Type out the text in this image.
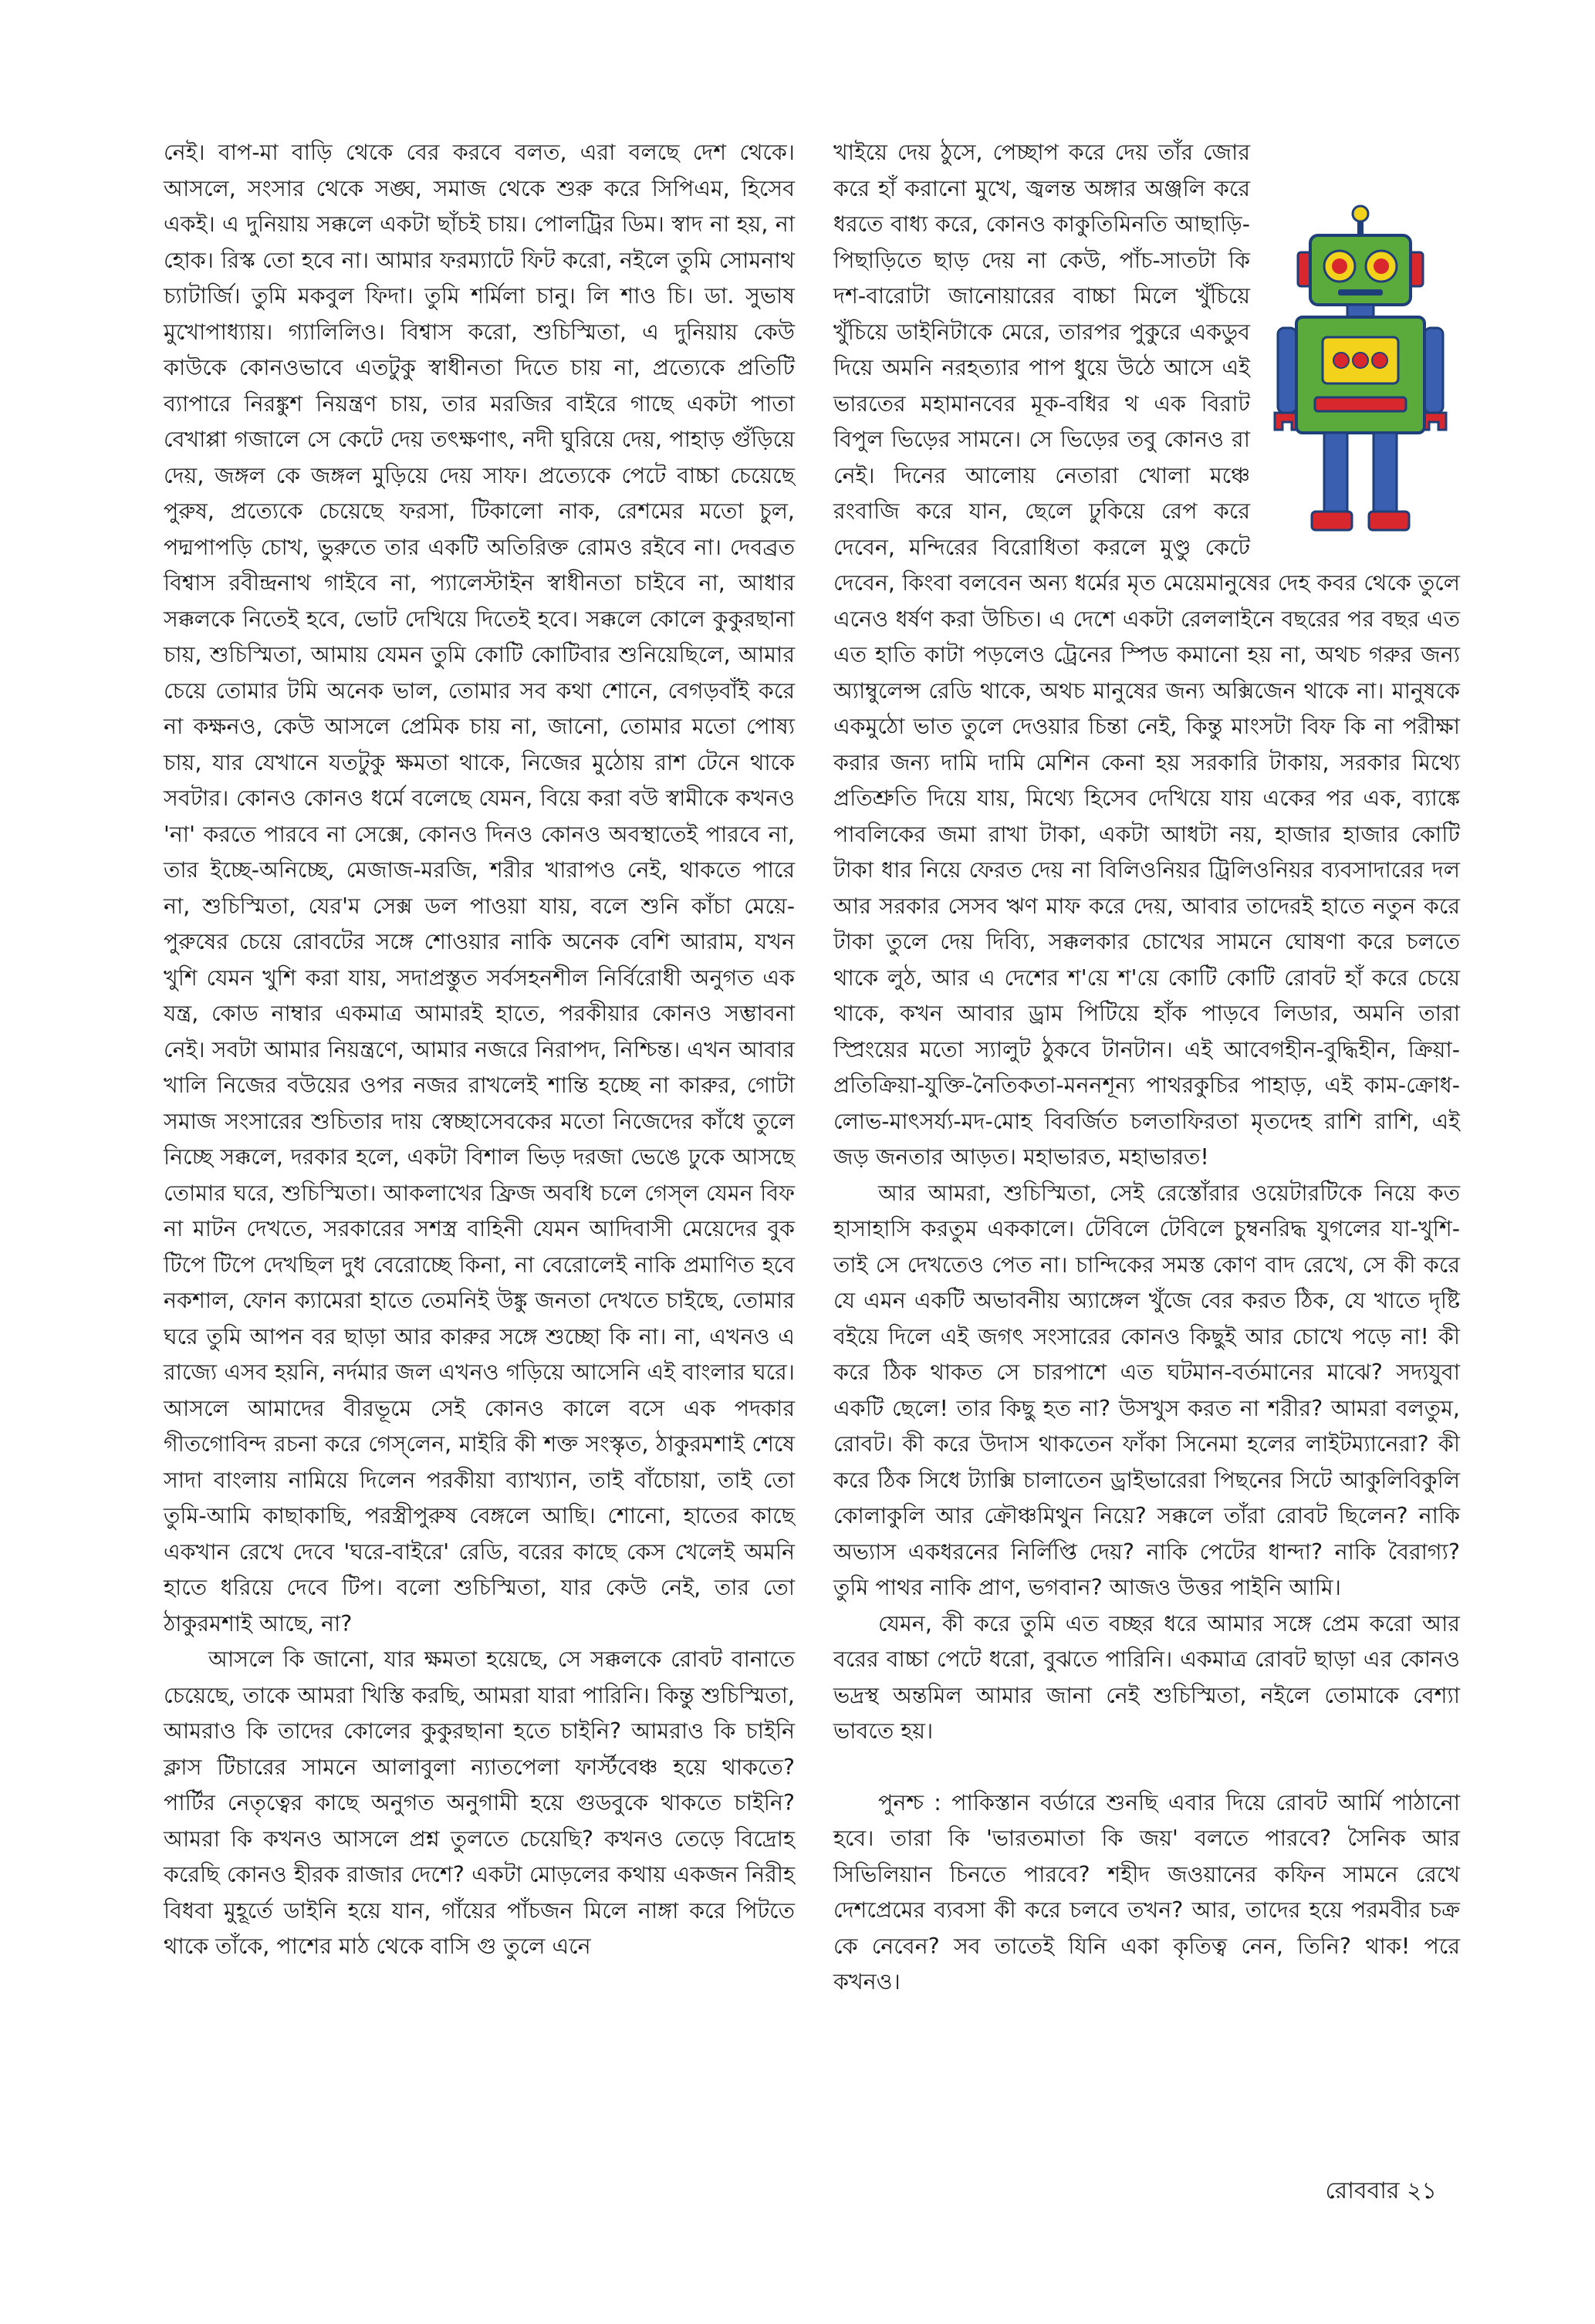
নেই। বাপ-মা বাড়ি থেকে বের করবে বলত, এরা বলছে দেশ থেকে। আসলে, সংসার থেকে সঙ্ঘ, সমাজ থেকে শুরু করে সিপিএম, হিসেব একই। এ দুনিয়ায় সক্কলে একটা ছাঁচই চায়। পোলট্রির ডিম। স্বাদ না হয়, না হোক। রিস্ক তো হবে না। আমার ফরম্যাটে ফিট করো, নইলে তুমি সোমনাথ চ্যাটার্জি। তুমি মকবুল ফিদা। তুমি শর্মিলা চানু। লি শাও চি। ডা. সুভাষ মুখোপাধ্যায়। গ্যালিলিও। বিশ্বাস করো, শুচিস্মিতা, এ দুনিয়ায় কেউ কাউকে কোনওভাবে এতটুকু স্বাধীনতা দিতে চায় না, প্রত্যেকে প্রতিটি ব্যাপারে নিরঙ্কুশ নিয়ন্ত্রণ চায়, তার মরজির বাইরে গাছে একটা পাতা বেখাপ্পা গজালে সে কেটে দেয় তৎক্ষণাৎ, নদী ঘুরিয়ে দেয়, পাহাড় গুঁড়িয়ে দেয়, জঙ্গল কে জঙ্গল মুড়িয়ে দেয় সাফ। প্রত্যেকে পেটে বাচ্চা চেয়েছে পুরুষ, প্রত্যেকে চেয়েছে ফরসা, টিকালো নাক, রেশমের মতো চুল, পদ্মপাপড়ি চোখ, ভুরুতে তার একটি অতিরিক্ত রোমও রইবে না। দেবব্রত বিশ্বাস রবীন্দ্রনাথ গাইবে না, প্যালেস্টাইন স্বাধীনতা চাইবে না, আধার সক্কলকে নিতেই হবে, ভোট দেখিয়ে দিতেই হবে। সক্কলে কোলে কুকুরছানা চায়, শুচিস্মিতা, আমায় যেমন তুমি কোটি কোটিবার শুনিয়েছিলে, আমার চেয়ে তোমার টমি অনেক ভাল, তোমার সব কথা শোনে, বেগড়বাঁই করে না কক্ষনও, কেউ আসলে প্রেমিক চায় না, জানো, তোমার মতো পোষ্য চায়, যার যেখানে যতটুকু ক্ষমতা থাকে, নিজের মুঠোয় রাশ টেনে থাকে সবটার। কোনও কোনও ধর্মে বলেছে যেমন, বিয়ে করা বউ স্বামীকে কখনও 'না' করতে পারবে না সেক্সে, কোনও দিনও কোনও অবস্থাতেই পারবে না, তার ইচ্ছে-অনিচ্ছে, মেজাজ-মরজি, শরীর খারাপও নেই, থাকতে পারে না, শুচিস্মিতা, যের'ম সেক্স ডল পাওয়া যায়, বলে শুনি কাঁচা মেয়ে-পুরুষের চেয়ে রোবটের সঙ্গে শোওয়ার নাকি অনেক বেশি আরাম, যখন খুশি যেমন খুশি করা যায়, সদাপ্রস্তুত সর্বসহনশীল নির্বিরোধী অনুগত এক যন্ত্র, কোড নাম্বার একমাত্র আমারই হাতে, পরকীয়ার কোনও সম্ভাবনা নেই। সবটা আমার নিয়ন্ত্রণে, আমার নজরে নিরাপদ, নিশ্চিন্ত। এখন আবার খালি নিজের বউয়ের ওপর নজর রাখলেই শান্তি হচ্ছে না কারুর, গোটা সমাজ সংসারের শুচিতার দায় স্বেচ্ছাসেবকের মতো নিজেদের কাঁধে তুলে নিচ্ছে সক্কলে, দরকার হলে, একটা বিশাল ভিড় দরজা ভেঙে ঢুকে আসছে তোমার ঘরে, শুচিস্মিতা। আকলাখের ফ্রিজ অবধি চলে গেস্‌ল যেমন বিফ না মাটন দেখতে, সরকারের সশস্ত্র বাহিনী যেমন আদিবাসী মেয়েদের বুক টিপে টিপে দেখছিল দুধ বেরোচ্ছে কিনা, না বেরোলেই নাকি প্রমাণিত হবে নকশাল, ফোন ক্যামেরা হাতে তেমনিই উঙ্কু জনতা দেখতে চাইছে, তোমার ঘরে তুমি আপন বর ছাড়া আর কারুর সঙ্গে শুচ্ছো কি না। না, এখনও এ রাজ্যে এসব হয়নি, নর্দমার জল এখনও গড়িয়ে আসেনি এই বাংলার ঘরে। আসলে আমাদের বীরভূমে সেই কোনও কালে বসে এক পদকার গীতগোবিন্দ রচনা করে গেস্‌লেন, মাইরি কী শক্ত সংস্কৃত, ঠাকুরমশাই শেষে সাদা বাংলায় নামিয়ে দিলেন পরকীয়া ব্যাখ্যান, তাই বাঁচোয়া, তাই তো তুমি-আমি কাছাকাছি, পরস্ত্রীপুরুষ বেঙ্গলে আছি। শোনো, হাতের কাছে একখান রেখে দেবে 'ঘরে-বাইরে' রেডি, বরের কাছে কেস খেলেই অমনি হাতে ধরিয়ে দেবে টিপ। বলো শুচিস্মিতা, যার কেউ নেই, তার তো ঠাকুরমশাই আছে, না?

আসলে কি জানো, যার ক্ষমতা হয়েছে, সে সক্কলকে রোবট বানাতে চেয়েছে, তাকে আমরা খিস্তি করছি, আমরা যারা পারিনি। কিন্তু শুচিস্মিতা, আমরাও কি তাদের কোলের কুকুরছানা হতে চাইনি? আমরাও কি চাইনি ক্লাস টিচারের সামনে আলাবুলা ন্যাতপেলা ফার্স্টবেঞ্চ হয়ে থাকতে? পার্টির নেতৃত্বের কাছে অনুগত অনুগামী হয়ে গুডবুকে থাকতে চাইনি? আমরা কি কখনও আসলে প্রশ্ন তুলতে চেয়েছি? কখনও তেড়ে বিদ্রোহ করেছি কোনও হীরক রাজার দেশে? একটা মোড়লের কথায় একজন নিরীহ বিধবা মুহূর্তে ডাইনি হয়ে যান, গাঁয়ের পাঁচজন মিলে নাঙ্গা করে পিটতে থাকে তাঁকে, পাশের মাঠ থেকে বাসি গু তুলে এনে

খাইয়ে দেয় ঠুসে, পেচ্ছাপ করে দেয় তাঁর জোর করে হাঁ করানো মুখে, জ্বলন্ত অঙ্গার অঞ্জলি করে ধরতে বাধ্য করে, কোনও কাকুতিমিনতি আছাড়ি-পিছাড়িতে ছাড় দেয় না কেউ, পাঁচ-সাতটা কি দশ-বারোটা জানোয়ারের বাচ্চা মিলে খুঁচিয়ে খুঁচিয়ে ডাইনিটাকে মেরে, তারপর পুকুরে একডুব দিয়ে অমনি নরহত্যার পাপ ধুয়ে উঠে আসে এই ভারতের মহামানবের মূক-বধির থ এক বিরাট বিপুল ভিড়ের সামনে। সে ভিড়ের তবু কোনও রা নেই। দিনের আলোয় নেতারা খোলা মঞ্চে রংবাজি করে যান, ছেলে ঢুকিয়ে রেপ করে দেবেন, মন্দিরের বিরোধিতা করলে মুণ্ডু কেটে দেবেন, কিংবা বলবেন অন্য ধর্মের মৃত মেয়েমানুষের দেহ কবর থেকে তুলে এনেও ধর্ষণ করা উচিত। এ দেশে একটা রেললাইনে বছরের পর বছর এত এত হাতি কাটা পড়লেও ট্রেনের স্পিড কমানো হয় না, অথচ গরুর জন্য অ্যাম্বুলেন্স রেডি থাকে, অথচ মানুষের জন্য অক্সিজেন থাকে না। মানুষকে একমুঠো ভাত তুলে দেওয়ার চিন্তা নেই, কিন্তু মাংসটা বিফ কি না পরীক্ষা করার জন্য দামি দামি মেশিন কেনা হয় সরকারি টাকায়, সরকার মিথ্যে প্রতিশ্রুতি দিয়ে যায়, মিথ্যে হিসেব দেখিয়ে যায় একের পর এক, ব্যাঙ্কে পাবলিকের জমা রাখা টাকা, একটা আধটা নয়, হাজার হাজার কোটি টাকা ধার নিয়ে ফেরত দেয় না বিলিওনিয়র ট্রিলিওনিয়র ব্যবসাদারের দল আর সরকার সেসব ঋণ মাফ করে দেয়, আবার তাদেরই হাতে নতুন করে টাকা তুলে দেয় দিব্যি, সক্কলকার চোখের সামনে ঘোষণা করে চলতে থাকে লুঠ, আর এ দেশের শ'য়ে শ'য়ে কোটি কোটি রোবট হাঁ করে চেয়ে থাকে, কখন আবার ড্রাম পিটিয়ে হাঁক পাড়বে লিডার, অমনি তারা স্প্রিংয়ের মতো স্যালুট ঠুকবে টানটান। এই আবেগহীন-বুদ্ধিহীন, ক্রিয়া-প্রতিক্রিয়া-যুক্তি-নৈতিকতা-মননশূন্য পাথরকুচির পাহাড়, এই কাম-ক্রোধ-লোভ-মাৎসর্য্য-মদ-মোহ বিবর্জিত চলতাফিরতা মৃতদেহ রাশি রাশি, এই জড় জনতার আড়ত। মহাভারত, মহাভারত!

আর আমরা, শুচিস্মিতা, সেই রেস্তোঁরার ওয়েটারটিকে নিয়ে কত হাসাহাসি করতুম এককালে। টেবিলে টেবিলে চুম্বনরিদ্ধ যুগলের যা-খুশি-তাই সে দেখতেও পেত না। চান্দিকের সমস্ত কোণ বাদ রেখে, সে কী করে যে এমন একটি অভাবনীয় অ্যাঙ্গেল খুঁজে বের করত ঠিক, যে খাতে দৃষ্টি বইয়ে দিলে এই জগৎ সংসারের কোনও কিছুই আর চোখে পড়ে না! কী করে ঠিক থাকত সে চারপাশে এত ঘটমান-বর্তমানের মাঝে? সদ্যযুবা একটি ছেলে! তার কিছু হত না? উসখুস করত না শরীর? আমরা বলতুম, রোবট। কী করে উদাস থাকতেন ফাঁকা সিনেমা হলের লাইটম্যানেরা? কী করে ঠিক সিধে ট্যাক্সি চালাতেন ড্রাইভারেরা পিছনের সিটে আকুলিবিকুলি কোলাকুলি আর ক্রৌঞ্চমিথুন নিয়ে? সক্কলে তাঁরা রোবট ছিলেন? নাকি অভ্যাস একধরনের নির্লিপ্তি দেয়? নাকি পেটের ধান্দা? নাকি বৈরাগ্য? তুমি পাথর নাকি প্রাণ, ভগবান? আজও উত্তর পাইনি আমি।

যেমন, কী করে তুমি এত বচ্ছর ধরে আমার সঙ্গে প্রেম করো আর বরের বাচ্চা পেটে ধরো, বুঝতে পারিনি। একমাত্র রোবট ছাড়া এর কোনও ভদ্রস্থ অন্তমিল আমার জানা নেই শুচিস্মিতা, নইলে তোমাকে বেশ্যা ভাবতে হয়।

পুনশ্চ : পাকিস্তান বর্ডারে শুনছি এবার দিয়ে রোবট আর্মি পাঠানো হবে। তারা কি 'ভারতমাতা কি জয়' বলতে পারবে? সৈনিক আর সিভিলিয়ান চিনতে পারবে? শহীদ জওয়ানের কফিন সামনে রেখে দেশপ্রেমের ব্যবসা কী করে চলবে তখন? আর, তাদের হয়ে পরমবীর চক্র কে নেবেন? সব তাতেই যিনি একা কৃতিত্ব নেন, তিনি? থাক! পরে কখনও।

রোববার ২১
